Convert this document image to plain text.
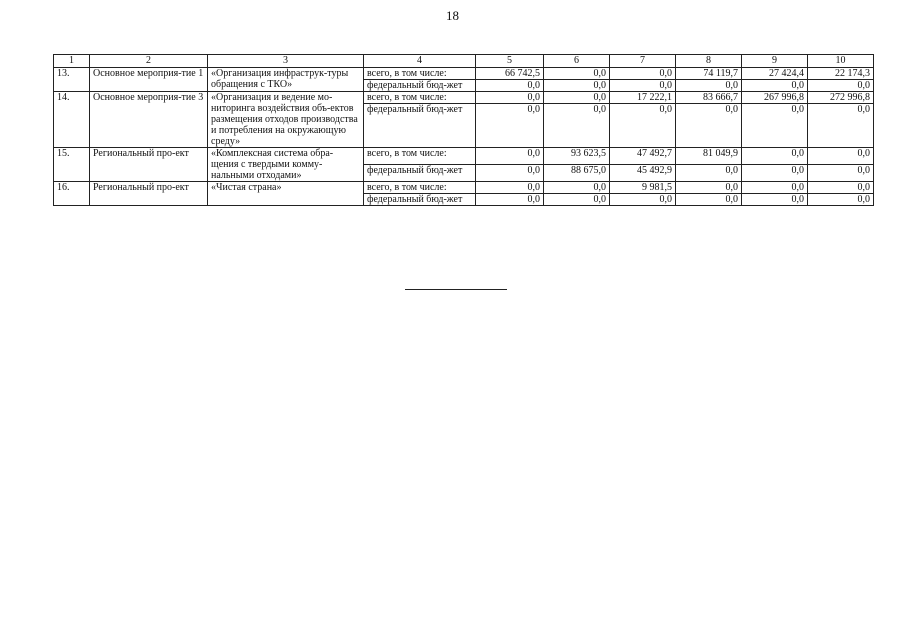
18
1	2	3	4	5	6	7	8	9	10
13.	Основное мероприя-тие 1	«Организация инфраструк-туры обращения с ТКО»	всего, в том числе:	66 742,5	0,0	0,0	74 119,7	27 424,4	22 174,3
			федеральный бюд-жет	0,0	0,0	0,0	0,0	0,0	0,0
14.	Основное мероприя-тие 3	«Организация и ведение мо-ниторинга воздействия объ-ектов размещения отходов производства и потребления на окружающую среду»	всего, в том числе:	0,0	0,0	17 222,1	83 666,7	267 996,8	272 996,8
			федеральный бюд-жет	0,0	0,0	0,0	0,0	0,0	0,0
15.	Региональный про-ект	«Комплексная система обра-щения с твердыми комму-нальными отходами»	всего, в том числе:	0,0	93 623,5	47 492,7	81 049,9	0,0	0,0
			федеральный бюд-жет	0,0	88 675,0	45 492,9	0,0	0,0	0,0
16.	Региональный про-ект	«Чистая страна»	всего, в том числе:	0,0	0,0	9 981,5	0,0	0,0	0,0
			федеральный бюд-жет	0,0	0,0	0,0	0,0	0,0	0,0
